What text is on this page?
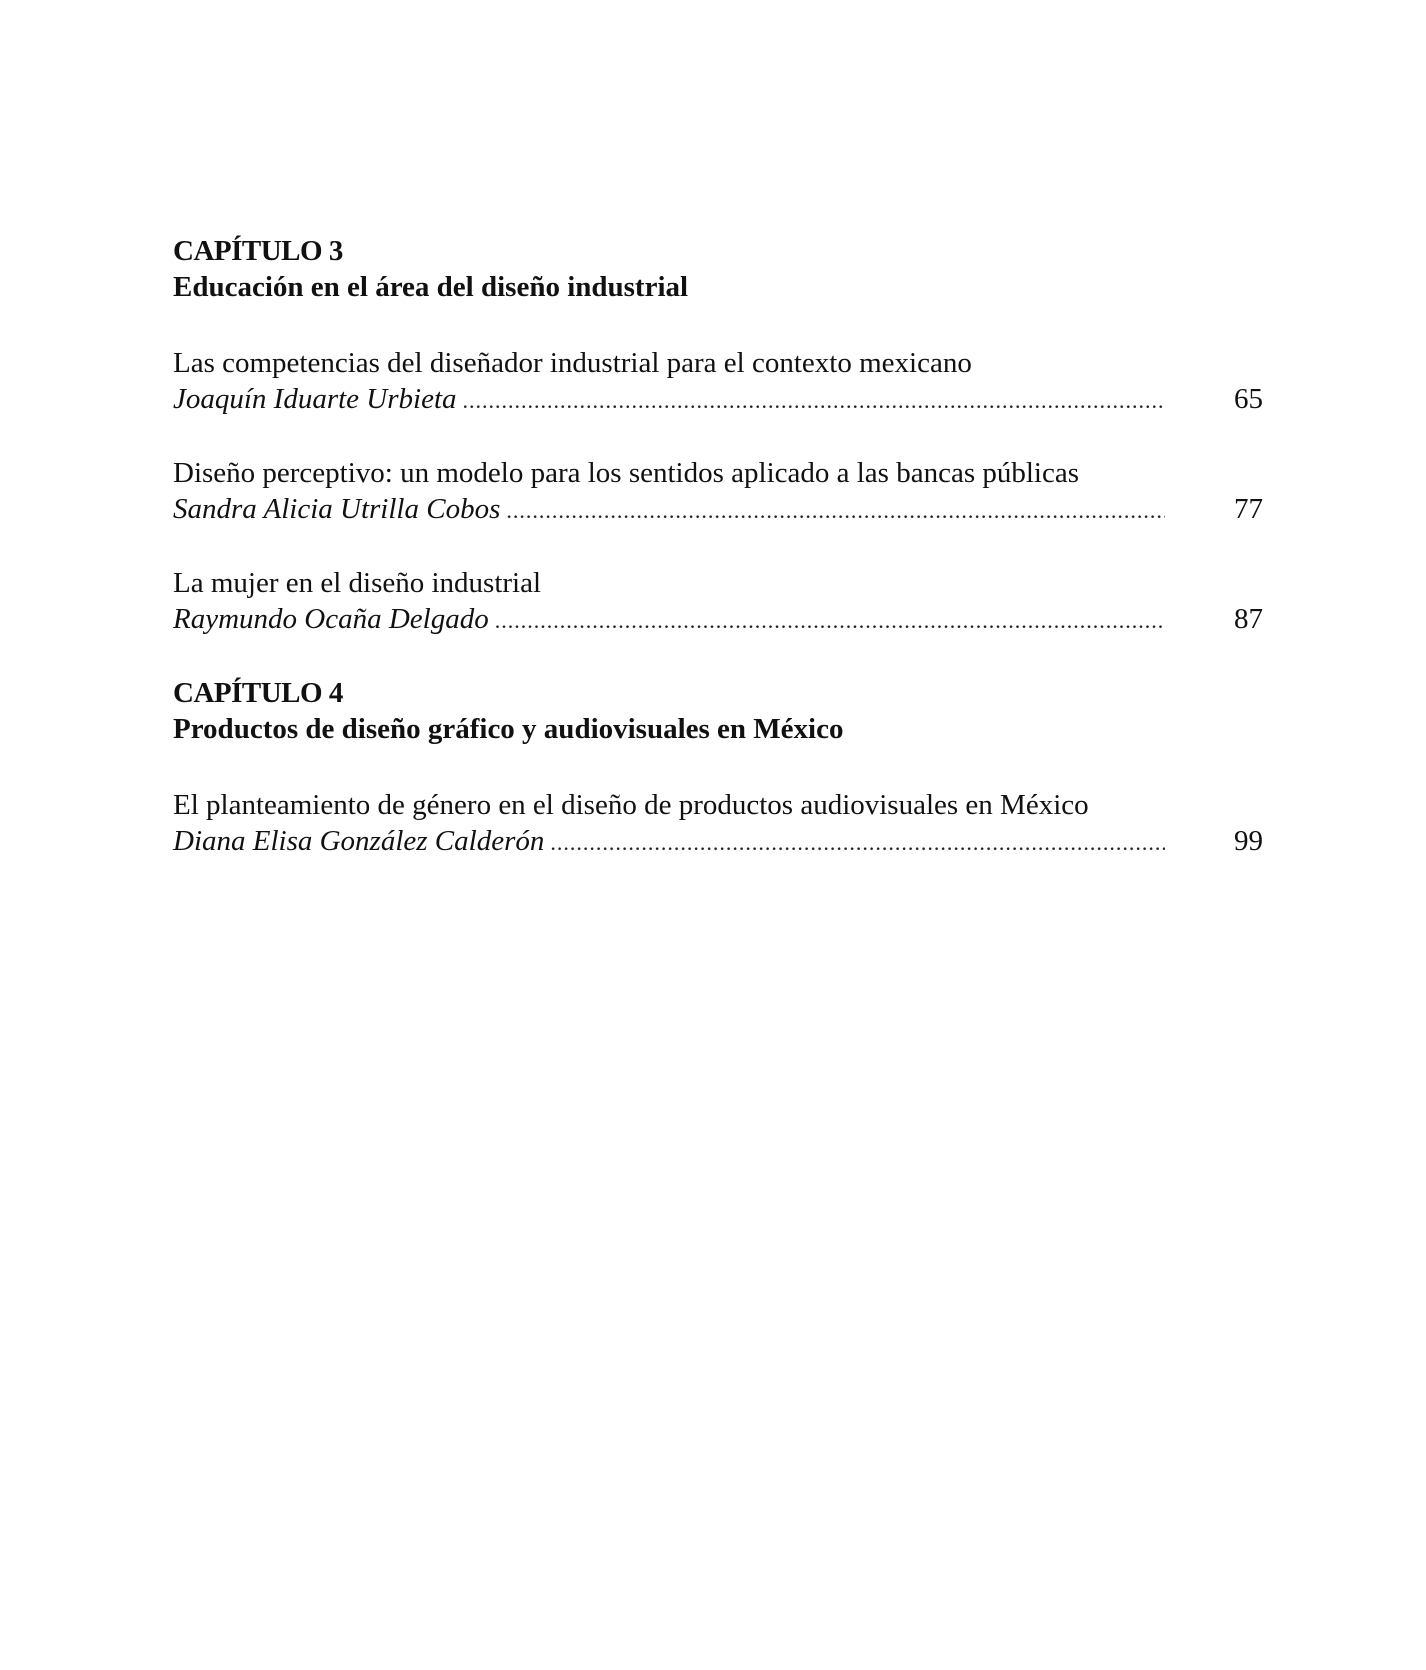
CAPÍTULO 3
Educación en el área del diseño industrial
Las competencias del diseñador industrial para el contexto mexicano
Joaquín Iduarte Urbieta .....	65
Diseño perceptivo: un modelo para los sentidos aplicado a las bancas públicas
Sandra Alicia Utrilla Cobos .....	77
La mujer en el diseño industrial
Raymundo Ocaña Delgado .....	87
CAPÍTULO 4
Productos de diseño gráfico y audiovisuales en México
El planteamiento de género en el diseño de productos audiovisuales en México
Diana Elisa González Calderón .....	99
